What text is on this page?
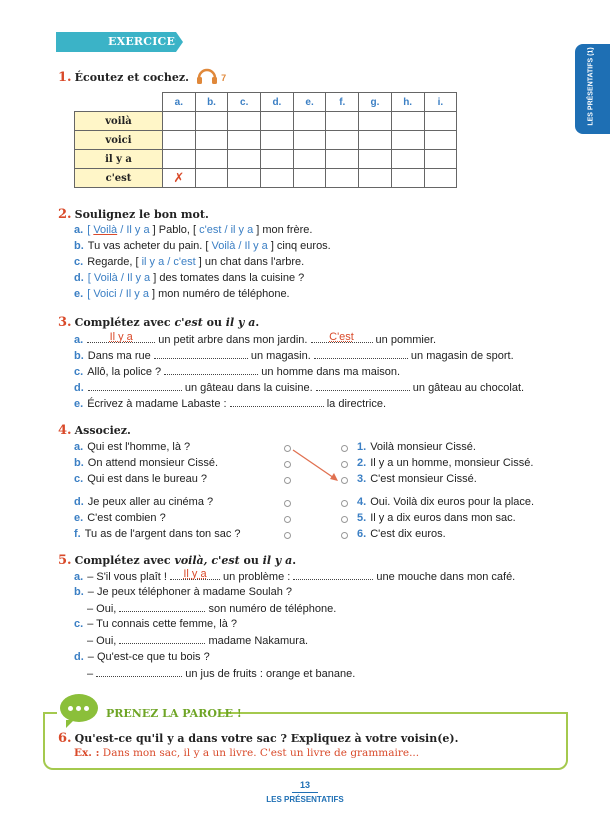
EXERCICES
LES PRÉSENTATIFS (1)
1. Écoutez et cochez.	7
	a.	b.	c.	d.	e.	f.	g.	h.	i.
voilà									
voici									
il y a									
c'est	✗								
2. Soulignez le bon mot.
a. [ Voilà / Il y a ] Pablo, [ c'est / il y a ] mon frère.
b. Tu vas acheter du pain. [ Voilà / Il y a ] cinq euros.
c. Regarde, [ il y a / c'est ] un chat dans l'arbre.
d. [ Voilà / Il y a ] des tomates dans la cuisine ?
e. [ Voici / Il y a ] mon numéro de téléphone.
3. Complétez avec c'est ou il y a.
a.	Il y a	un petit arbre dans mon jardin.	C'est	un pommier.
b. Dans ma rue	un magasin.	un magasin de sport.
c. Allô, la police ?	un homme dans ma maison.
d.	un gâteau dans la cuisine.	un gâteau au chocolat.
e. Écrivez à madame Labaste :	la directrice.
4. Associez.
a. Qui est l'homme, là ?
b. On attend monsieur Cissé.
c. Qui est dans le bureau ?
d. Je peux aller au cinéma ?
e. C'est combien ?
f. Tu as de l'argent dans ton sac ?
1. Voilà monsieur Cissé.
2. Il y a un homme, monsieur Cissé.
3. C'est monsieur Cissé.
4. Oui. Voilà dix euros pour la place.
5. Il y a dix euros dans mon sac.
6. C'est dix euros.
5. Complétez avec voilà, c'est ou il y a.
a. – S'il vous plaît !	Il y a	un problème :	une mouche dans mon café.
b. – Je peux téléphoner à madame Soulah ?
– Oui,	son numéro de téléphone.
c. – Tu connais cette femme, là ?
– Oui,	madame Nakamura.
d. – Qu'est-ce que tu bois ?
–	un jus de fruits : orange et banane.
PRENEZ LA PAROLE !
6. Qu'est-ce qu'il y a dans votre sac ? Expliquez à votre voisin(e).
Ex. : Dans mon sac, il y a un livre. C'est un livre de grammaire...
13
LES PRÉSENTATIFS
